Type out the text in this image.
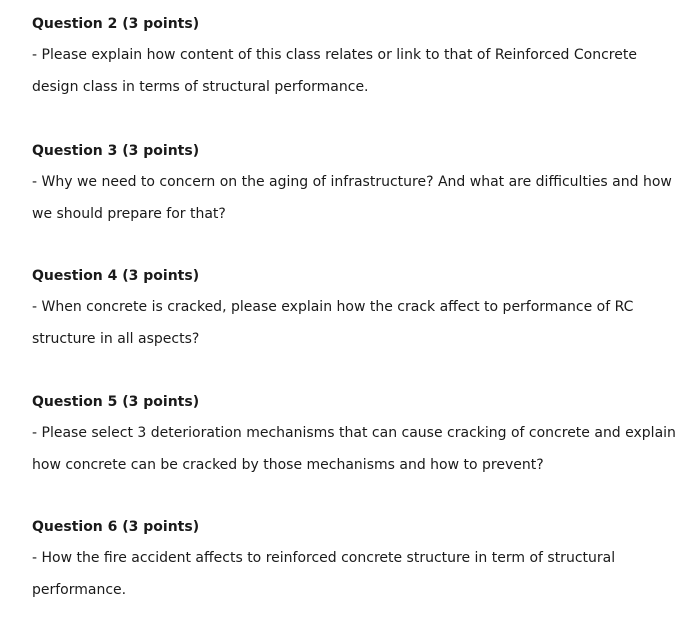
Question 2 (3 points)

- Please explain how content of this class relates or link to that of Reinforced Concrete design class in terms of structural performance.

Question 3 (3 points)

- Why we need to concern on the aging of infrastructure? And what are difficulties and how we should prepare for that?

Question 4 (3 points)

- When concrete is cracked, please explain how the crack affect to performance of RC structure in all aspects?

Question 5 (3 points)

- Please select 3 deterioration mechanisms that can cause cracking of concrete and explain how concrete can be cracked by those mechanisms and how to prevent?

Question 6 (3 points)

- How the fire accident affects to reinforced concrete structure in term of structural performance.
